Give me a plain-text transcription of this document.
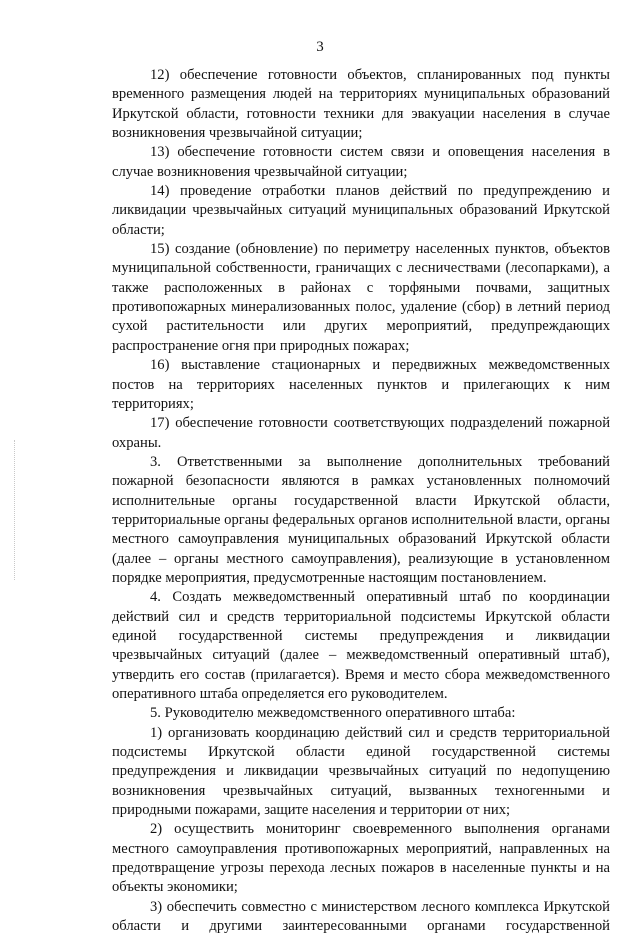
3

12) обеспечение готовности объектов, спланированных под пункты временного размещения людей на территориях муниципальных образований Иркутской области, готовности техники для эвакуации населения в случае возникновения чрезвычайной ситуации;

13) обеспечение готовности систем связи и оповещения населения в случае возникновения чрезвычайной ситуации;

14) проведение отработки планов действий по предупреждению и ликвидации чрезвычайных ситуаций муниципальных образований Иркутской области;

15) создание (обновление) по периметру населенных пунктов, объектов муниципальной собственности, граничащих с лесничествами (лесопарками), а также расположенных в районах с торфяными почвами, защитных противопожарных минерализованных полос, удаление (сбор) в летний период сухой растительности или других мероприятий, предупреждающих распространение огня при природных пожарах;

16) выставление стационарных и передвижных межведомственных постов на территориях населенных пунктов и прилегающих к ним территориях;

17) обеспечение готовности соответствующих подразделений пожарной охраны.

3. Ответственными за выполнение дополнительных требований пожарной безопасности являются в рамках установленных полномочий исполнительные органы государственной власти Иркутской области, территориальные органы федеральных органов исполнительной власти, органы местного самоуправления муниципальных образований Иркутской области (далее – органы местного самоуправления), реализующие в установленном порядке мероприятия, предусмотренные настоящим постановлением.

4. Создать межведомственный оперативный штаб по координации действий сил и средств территориальной подсистемы Иркутской области единой государственной системы предупреждения и ликвидации чрезвычайных ситуаций (далее – межведомственный оперативный штаб), утвердить его состав (прилагается). Время и место сбора межведомственного оперативного штаба определяется его руководителем.

5. Руководителю межведомственного оперативного штаба:

1) организовать координацию действий сил и средств территориальной подсистемы Иркутской области единой государственной системы предупреждения и ликвидации чрезвычайных ситуаций по недопущению возникновения чрезвычайных ситуаций, вызванных техногенными и природными пожарами, защите населения и территории от них;

2) осуществить мониторинг своевременного выполнения органами местного самоуправления противопожарных мероприятий, направленных на предотвращение угрозы перехода лесных пожаров в населенные пункты и на объекты экономики;

3) обеспечить совместно с министерством лесного комплекса Иркутской области и другими заинтересованными органами государственной
